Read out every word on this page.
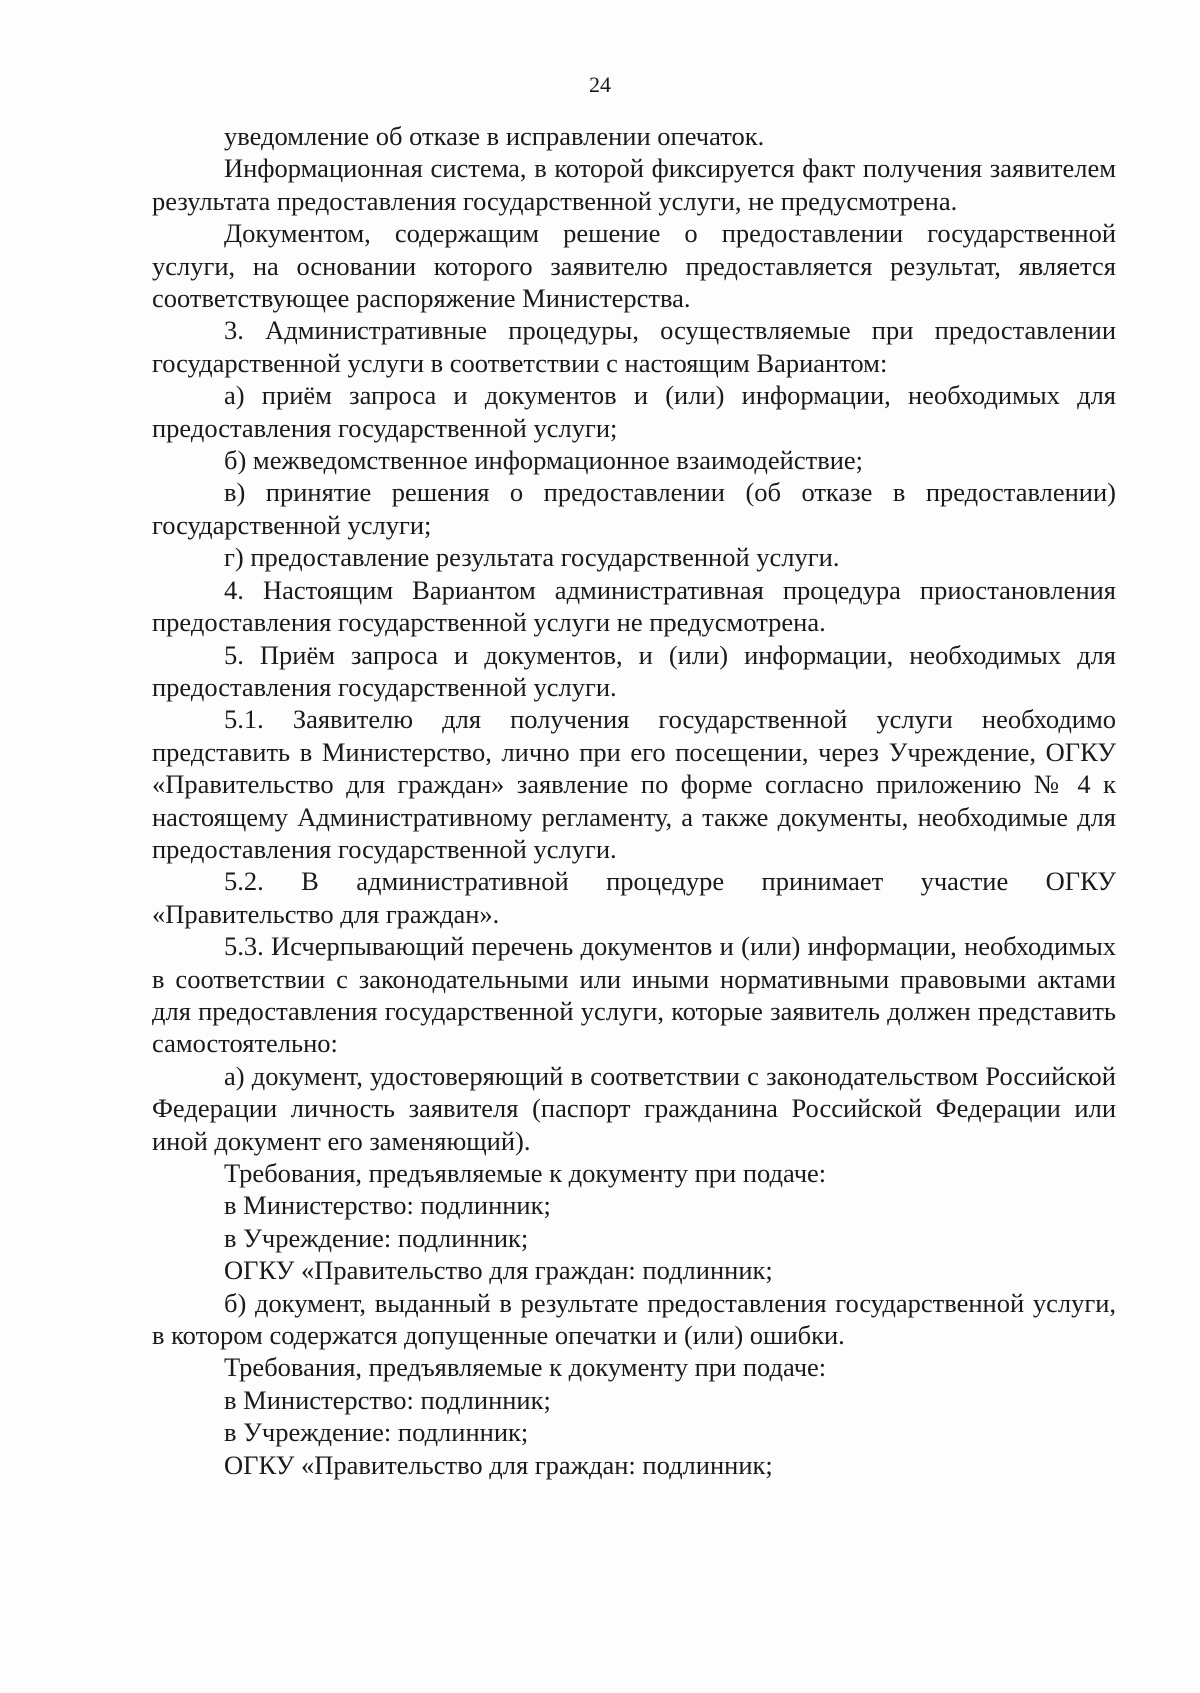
24

уведомление об отказе в исправлении опечаток.

Информационная система, в которой фиксируется факт получения заявителем результата предоставления государственной услуги, не предусмотрена.

Документом, содержащим решение о предоставлении государственной услуги, на основании которого заявителю предоставляется результат, является соответствующее распоряжение Министерства.

3. Административные процедуры, осуществляемые при предоставлении государственной услуги в соответствии с настоящим Вариантом:

а) приём запроса и документов и (или) информации, необходимых для предоставления государственной услуги;

б) межведомственное информационное взаимодействие;

в) принятие решения о предоставлении (об отказе в предоставлении) государственной услуги;

г) предоставление результата государственной услуги.

4. Настоящим Вариантом административная процедура приостановления предоставления государственной услуги не предусмотрена.

5. Приём запроса и документов, и (или) информации, необходимых для предоставления государственной услуги.

5.1. Заявителю для получения государственной услуги необходимо представить в Министерство, лично при его посещении, через Учреждение, ОГКУ «Правительство для граждан» заявление по форме согласно приложению № 4 к настоящему Административному регламенту, а также документы, необходимые для предоставления государственной услуги.

5.2. В административной процедуре принимает участие ОГКУ «Правительство для граждан».

5.3. Исчерпывающий перечень документов и (или) информации, необходимых в соответствии с законодательными или иными нормативными правовыми актами для предоставления государственной услуги, которые заявитель должен представить самостоятельно:

а) документ, удостоверяющий в соответствии с законодательством Российской Федерации личность заявителя (паспорт гражданина Российской Федерации или иной документ его заменяющий).

Требования, предъявляемые к документу при подаче:

в Министерство: подлинник;

в Учреждение: подлинник;

ОГКУ «Правительство для граждан: подлинник;

б) документ, выданный в результате предоставления государственной услуги, в котором содержатся допущенные опечатки и (или) ошибки.

Требования, предъявляемые к документу при подаче:

в Министерство: подлинник;

в Учреждение: подлинник;

ОГКУ «Правительство для граждан: подлинник;
